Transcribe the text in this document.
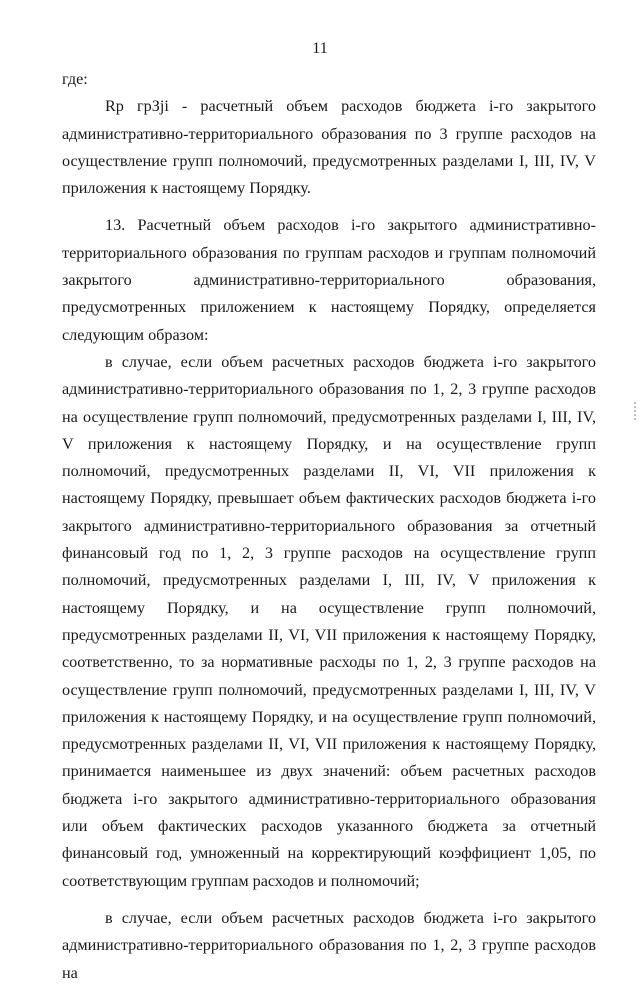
11

где:

Rр грЗji - расчетный объем расходов бюджета i-го закрытого административно-территориального образования по 3 группе расходов на осуществление групп полномочий, предусмотренных разделами I, III, IV, V приложения к настоящему Порядку.

13. Расчетный объем расходов i-го закрытого административно-территориального образования по группам расходов и группам полномочий закрытого административно-территориального образования, предусмотренных приложением к настоящему Порядку, определяется следующим образом:

в случае, если объем расчетных расходов бюджета i-го закрытого административно-территориального образования по 1, 2, 3 группе расходов на осуществление групп полномочий, предусмотренных разделами I, III, IV, V приложения к настоящему Порядку, и на осуществление групп полномочий, предусмотренных разделами II, VI, VII приложения к настоящему Порядку, превышает объем фактических расходов бюджета i-го закрытого административно-территориального образования за отчетный финансовый год по 1, 2, 3 группе расходов на осуществление групп полномочий, предусмотренных разделами I, III, IV, V приложения к настоящему Порядку, и на осуществление групп полномочий, предусмотренных разделами II, VI, VII приложения к настоящему Порядку, соответственно, то за нормативные расходы по 1, 2, 3 группе расходов на осуществление групп полномочий, предусмотренных разделами I, III, IV, V приложения к настоящему Порядку, и на осуществление групп полномочий, предусмотренных разделами II, VI, VII приложения к настоящему Порядку, принимается наименьшее из двух значений: объем расчетных расходов бюджета i-го закрытого административно-территориального образования или объем фактических расходов указанного бюджета за отчетный финансовый год, умноженный на корректирующий коэффициент 1,05, по соответствующим группам расходов и полномочий;

в случае, если объем расчетных расходов бюджета i-го закрытого административно-территориального образования по 1, 2, 3 группе расходов на
